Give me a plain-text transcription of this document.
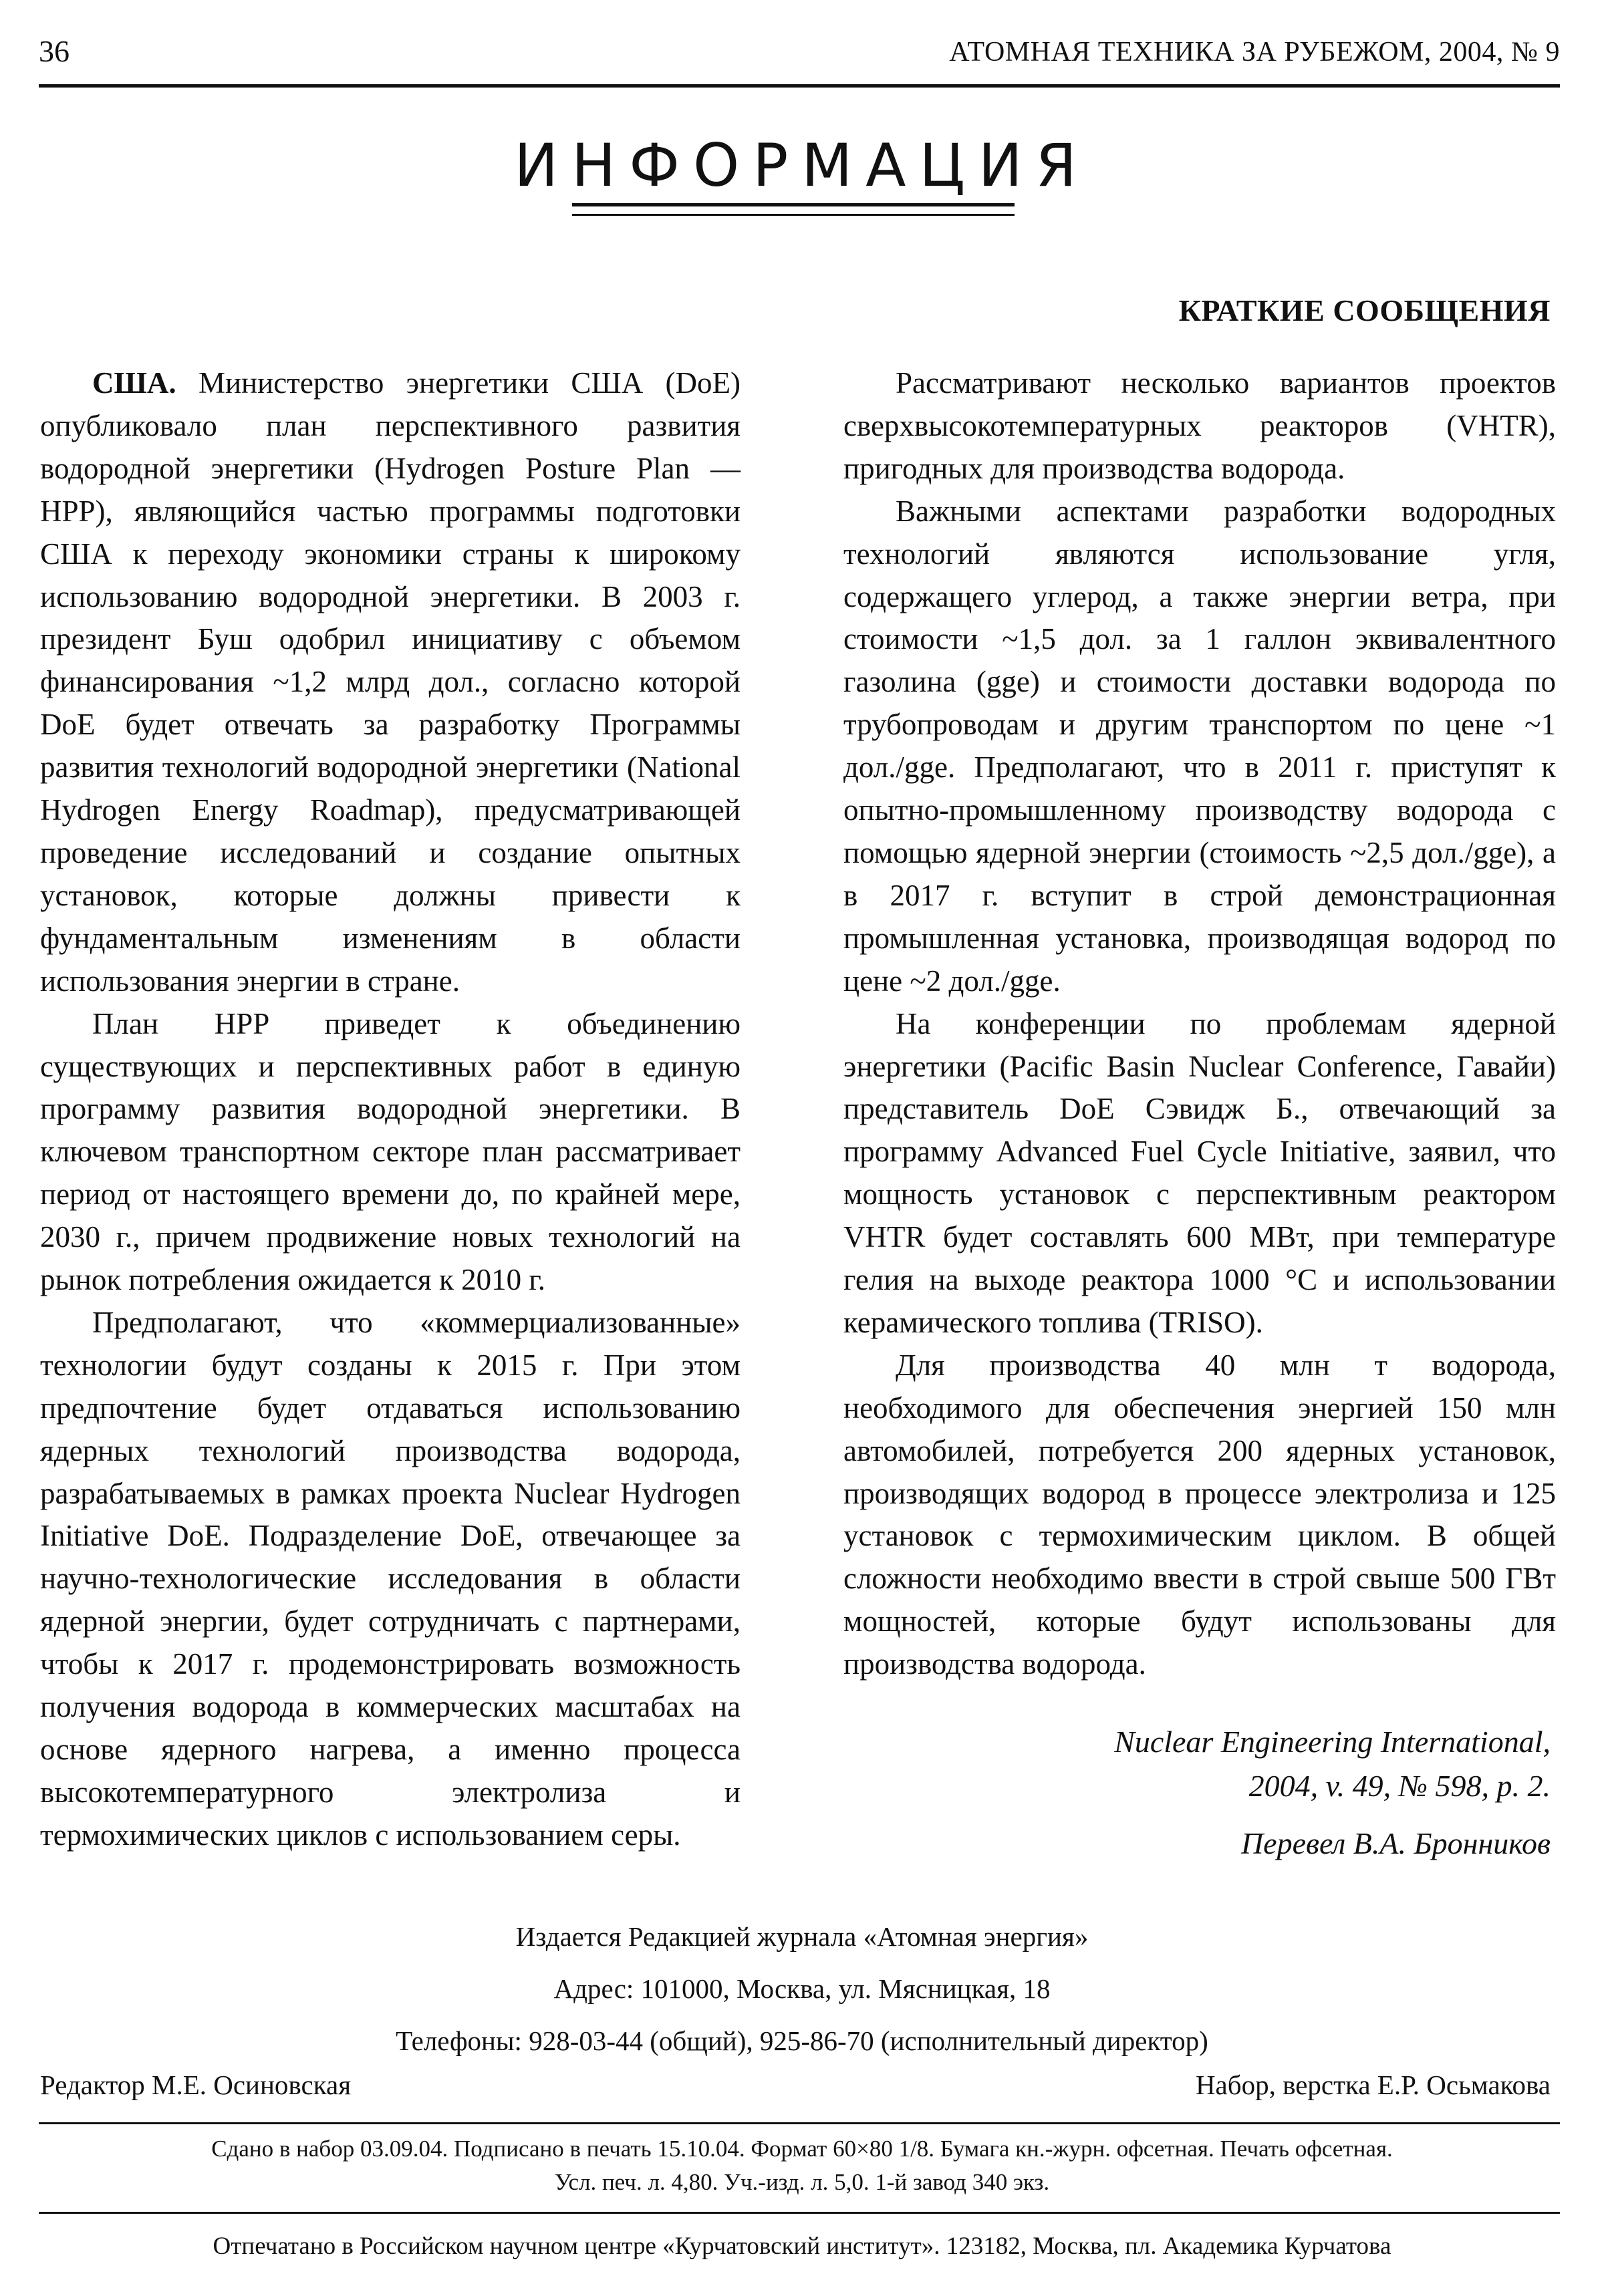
36	АТОМНАЯ ТЕХНИКА ЗА РУБЕЖОМ, 2004, № 9
ИНФОРМАЦИЯ
КРАТКИЕ СООБЩЕНИЯ

США. Министерство энергетики США (DoE) опубликовало план перспективного развития водородной энергетики (Hydrogen Posture Plan — HPP), являющийся частью программы подготовки США к переходу экономики страны к широкому использованию водородной энергетики. В 2003 г. президент Буш одобрил инициативу с объемом финансирования ~1,2 млрд дол., согласно которой DoE будет отвечать за разработку Программы развития технологий водородной энергетики (National Hydrogen Energy Roadmap), предусматривающей проведение исследований и создание опытных установок, которые должны привести к фундаментальным изменениям в области использования энергии в стране.

План HPP приведет к объединению существующих и перспективных работ в единую программу развития водородной энергетики. В ключевом транспортном секторе план рассматривает период от настоящего времени до, по крайней мере, 2030 г., причем продвижение новых технологий на рынок потребления ожидается к 2010 г.

Предполагают, что «коммерциализованные» технологии будут созданы к 2015 г. При этом предпочтение будет отдаваться использованию ядерных технологий производства водорода, разрабатываемых в рамках проекта Nuclear Hydrogen Initiative DoE. Подразделение DoE, отвечающее за научно-технологические исследования в области ядерной энергии, будет сотрудничать с партнерами, чтобы к 2017 г. продемонстрировать возможность получения водорода в коммерческих масштабах на основе ядерного нагрева, а именно процесса высокотемпературного электролиза и термохимических циклов с использованием серы.

Рассматривают несколько вариантов проектов сверхвысокотемпературных реакторов (VHTR), пригодных для производства водорода.

Важными аспектами разработки водородных технологий являются использование угля, содержащего углерод, а также энергии ветра, при стоимости ~1,5 дол. за 1 галлон эквивалентного газолина (gge) и стоимости доставки водорода по трубопроводам и другим транспортом по цене ~1 дол./gge. Предполагают, что в 2011 г. приступят к опытно-промышленному производству водорода с помощью ядерной энергии (стоимость ~2,5 дол./gge), а в 2017 г. вступит в строй демонстрационная промышленная установка, производящая водород по цене ~2 дол./gge.

На конференции по проблемам ядерной энергетики (Pacific Basin Nuclear Conference, Гавайи) представитель DoE Сэвидж Б., отвечающий за программу Advanced Fuel Cycle Initiative, заявил, что мощность установок с перспективным реактором VHTR будет составлять 600 МВт, при температуре гелия на выходе реактора 1000 °C и использовании керамического топлива (TRISO).

Для производства 40 млн т водорода, необходимого для обеспечения энергией 150 млн автомобилей, потребуется 200 ядерных установок, производящих водород в процессе электролиза и 125 установок с термохимическим циклом. В общей сложности необходимо ввести в строй свыше 500 ГВт мощностей, которые будут использованы для производства водорода.

Nuclear Engineering International,
2004, v. 49, № 598, p. 2.
Перевел В.А. Бронников
Издается Редакцией журнала «Атомная энергия»
Адрес: 101000, Москва, ул. Мясницкая, 18
Телефоны: 928-03-44 (общий), 925-86-70 (исполнительный директор)
Редактор М.Е. Осиновская	Набор, верстка Е.Р. Осьмакова
Сдано в набор 03.09.04. Подписано в печать 15.10.04. Формат 60×80 1/8. Бумага кн.-журн. офсетная. Печать офсетная.
Усл. печ. л. 4,80. Уч.-изд. л. 5,0. 1-й завод 340 экз.
Отпечатано в Российском научном центре «Курчатовский институт». 123182, Москва, пл. Академика Курчатова
